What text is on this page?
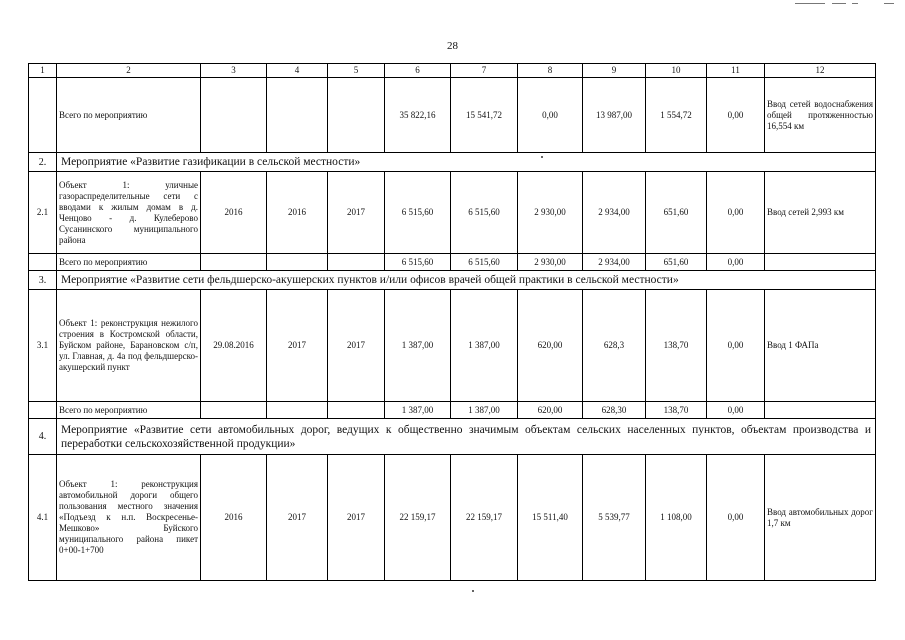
28
1	2	3	4	5	6	7	8	9	10	11	12
	Всего по мероприятию				35 822,16	15 541,72	0,00	13 987,00	1 554,72	0,00	Ввод сетей водоснабжения общей протяженностью 16,554 км
2.	Мероприятие «Развитие газификации в сельской местности»										
2.1	Объект 1: уличные газораспределительные сети с вводами к жилым домам в д. Ченцово - д. Кулеберово Сусанинского муниципального района	2016	2016	2017	6 515,60	6 515,60	2 930,00	2 934,00	651,60	0,00	Ввод сетей 2,993 км
	Всего по мероприятию				6 515,60	6 515,60	2 930,00	2 934,00	651,60	0,00	
3.	Мероприятие «Развитие сети фельдшерско-акушерских пунктов и/или офисов врачей общей практики в сельской местности»										
3.1	Объект 1: реконструкция нежилого строения в Костромской области, Буйском районе, Барановском с/п, ул. Главная, д. 4а под фельдшерско-акушерский пункт	29.08.2016	2017	2017	1 387,00	1 387,00	620,00	628,3	138,70	0,00	Ввод 1 ФАПа
	Всего по мероприятию				1 387,00	1 387,00	620,00	628,30	138,70	0,00	
4.	Мероприятие «Развитие сети автомобильных дорог, ведущих к общественно значимым объектам сельских населенных пунктов, объектам производства и переработки сельскохозяйственной продукции»										
4.1	Объект 1: реконструкция автомобильной дороги общего пользования местного значения «Подъезд к н.п. Воскресенье-Мешково» Буйского муниципального района пикет 0+00-1+700	2016	2017	2017	22 159,17	22 159,17	15 511,40	5 539,77	1 108,00	0,00	Ввод автомобильных дорог 1,7 км
